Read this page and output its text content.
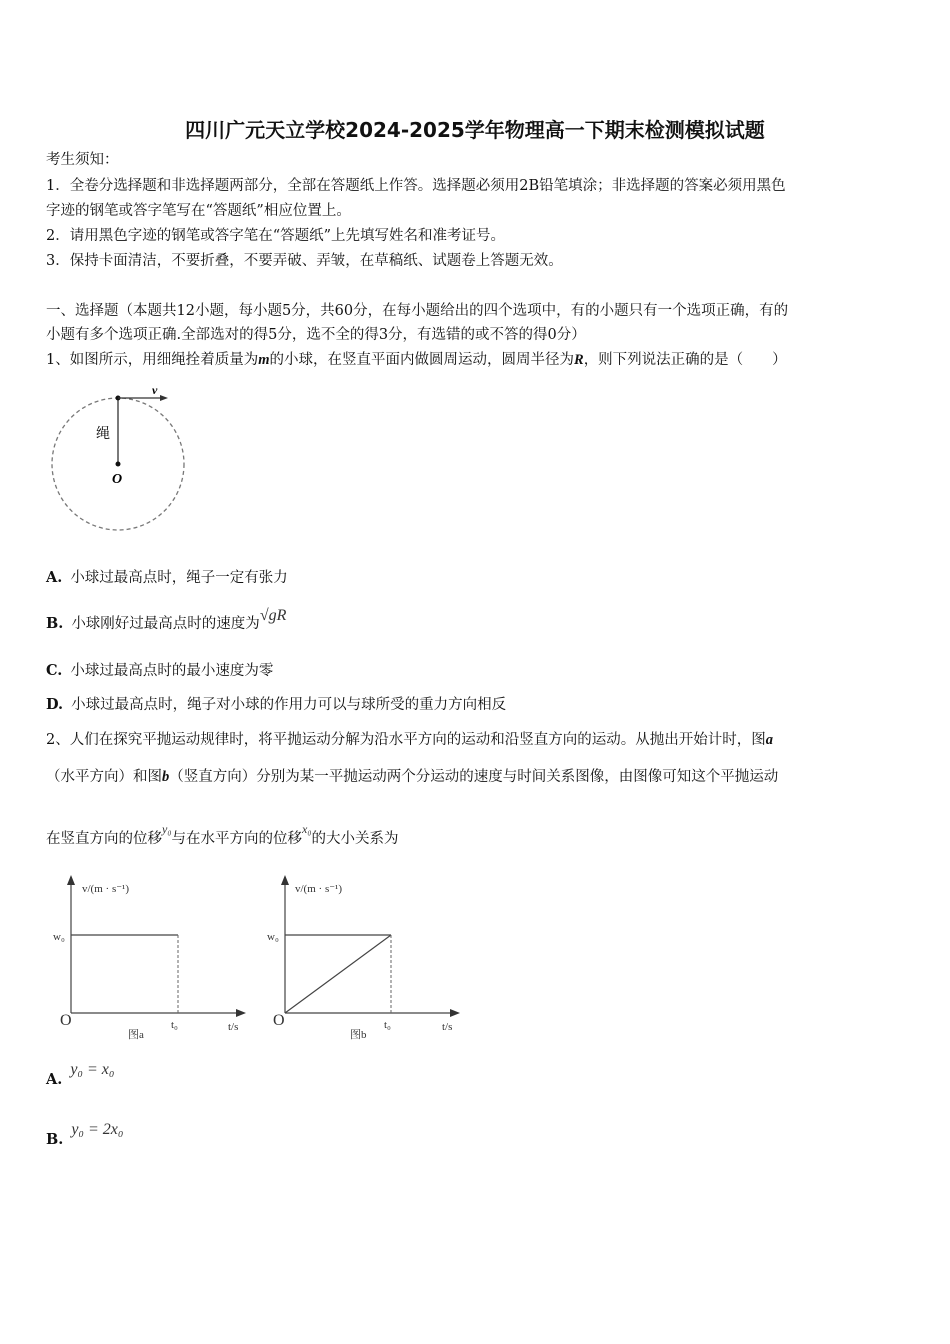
四川广元天立学校2024-2025学年物理高一下期末检测模拟试题
考生须知：
1．全卷分选择题和非选择题两部分，全部在答题纸上作答。选择题必须用2B铅笔填涂；非选择题的答案必须用黑色
字迹的钢笔或答字笔写在“答题纸”相应位置上。
2．请用黑色字迹的钢笔或答字笔在“答题纸”上先填写姓名和准考证号。
3．保持卡面清洁，不要折叠，不要弄破、弄皱，在草稿纸、试题卷上答题无效。
一、选择题（本题共12小题，每小题5分，共60分，在每小题给出的四个选项中，有的小题只有一个选项正确，有的
小题有多个选项正确.全部选对的得5分，选不全的得3分，有选错的或不答的得0分）
1、如图所示，用细绳拴着质量为m的小球，在竖直平面内做圆周运动，圆周半径为R，则下列说法正确的是（　　）
v
绳
O
A. 小球过最高点时，绳子一定有张力
B. 小球刚好过最高点时的速度为√gR
C. 小球过最高点时的最小速度为零
D. 小球过最高点时，绳子对小球的作用力可以与球所受的重力方向相反
2、人们在探究平抛运动规律时，将平抛运动分解为沿水平方向的运动和沿竖直方向的运动。从抛出开始计时，图a
（水平方向）和图b（竖直方向）分别为某一平抛运动两个分运动的速度与时间关系图像，由图像可知这个平抛运动
在竖直方向的位移$^{y_0}$与在水平方向的位移$^{x_0}$的大小关系为
v/(m · s⁻¹)
w₀
t₀	t/s
O
图a
v/(m · s⁻¹)
w₀
t₀	t/s
O
图b
A.y₀ = x₀
B.y₀ = 2x₀
